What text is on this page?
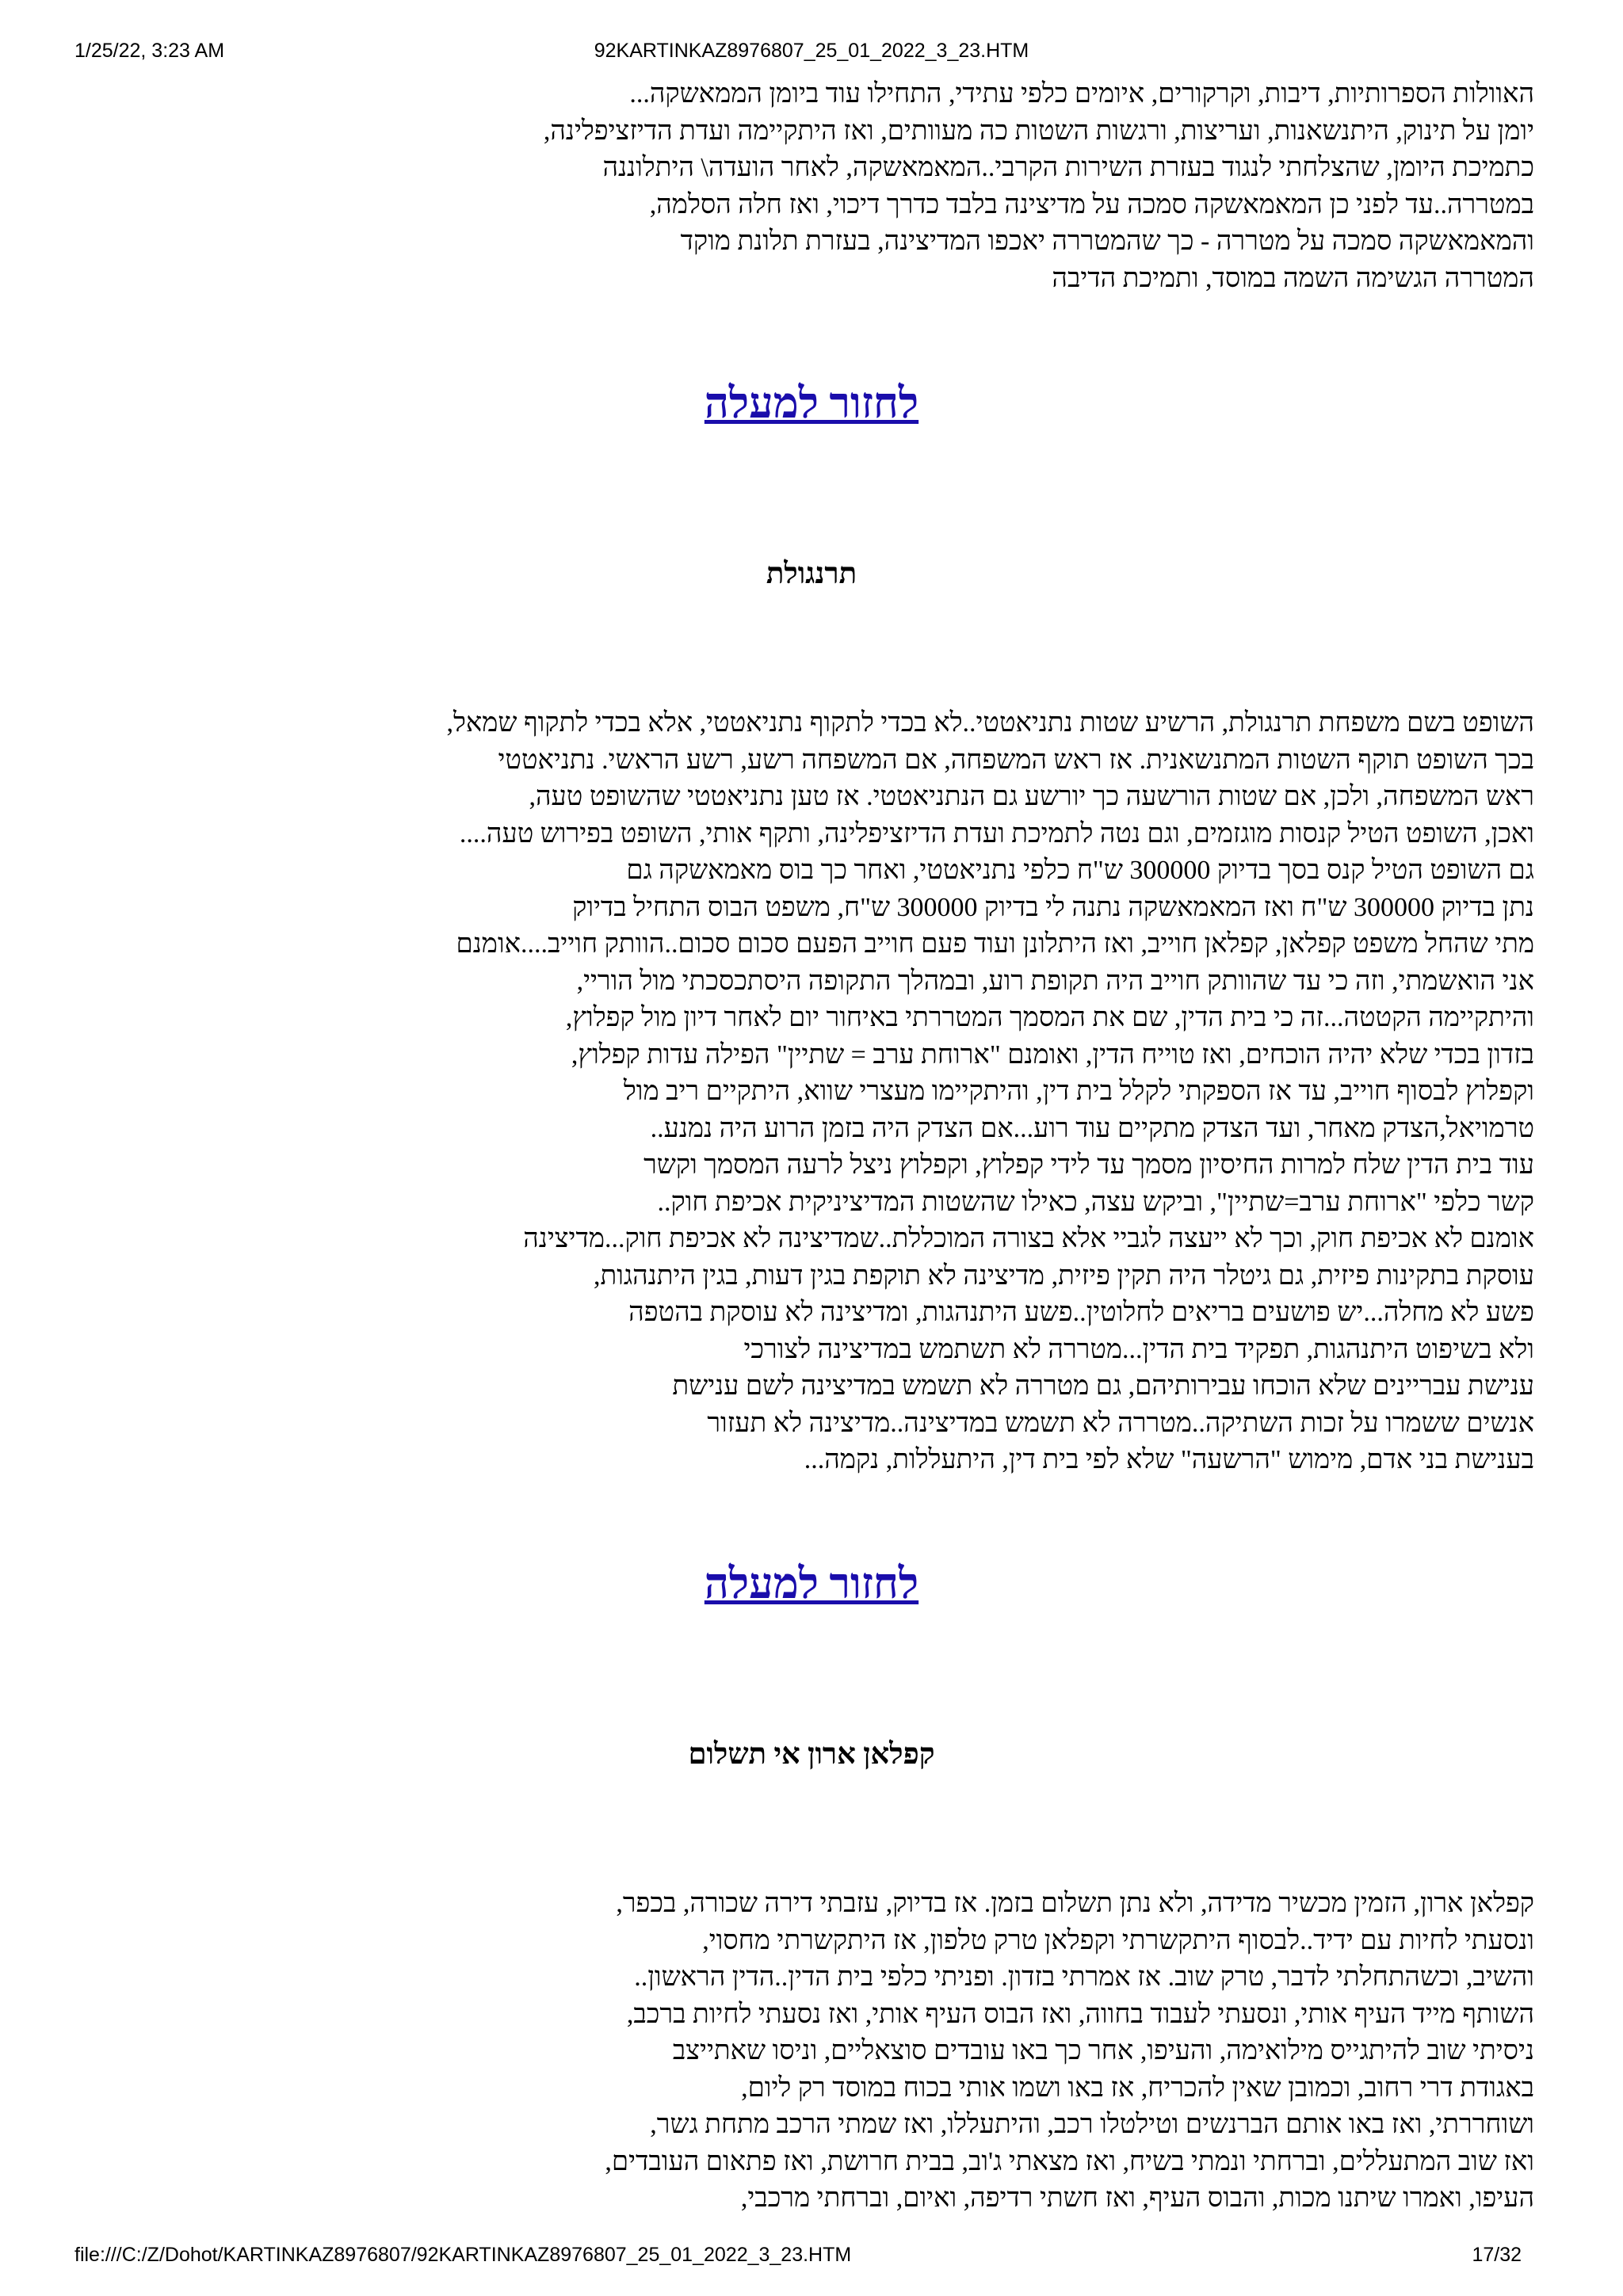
1/25/22, 3:23 AM	92KARTINKAZ8976807_25_01_2022_3_23.HTM
האוולות הספרותיות, דיבות, וקרקורים, איומים כלפי עתידי, התחילו עוד ביומן הממאשקה...
יומן על תינוק, היתנשאנות, ועריצות, ורגשות השטות כה מעוותים, ואז היתקיימה ועדת הדיזציפלינה,
כתמיכת היומן, שהצלחתי לנגוד בעזרת השירות הקרבי..המאמאשקה, לאחר הועדה\ היתלוננה
במטררה..עד לפני כן המאמאשקה סמכה על מדיצינה בלבד כדרך דיכוי, ואז חלה הסלמה,
והמאמאשקה סמכה על מטררה - כך שהמטררה יאכפו המדיצינה, בעזרת תלונת מוקד
המטררה הגשימה השמה במוסד, ותמיכת הדיבה
לחזור למעלה
תרנגולת
השופט בשם משפחת תרנגולת, הרשיע שטות נתניאטטי..לא בכדי לתקוף נתניאטטי, אלא בכדי לתקוף שמאל,
בכך השופט תוקף השטות המתנשאנית. אז ראש המשפחה, אם המשפחה רשע, רשע הראשי. נתניאטטי
ראש המשפחה, ולכן, אם שטות הורשעה כך יורשע גם הנתניאטטי. אז טען נתניאטטי שהשופט טעה,
ואכן, השופט הטיל קנסות מוגזמים, וגם נטה לתמיכת ועדת הדיזציפלינה, ותקף אותי, השופט בפירוש טעה....
גם השופט הטיל קנס בסך בדיוק 300000 ש"ח כלפי נתניאטטי, ואחר כך בוס מאמאשקה גם
נתן בדיוק 300000 ש"ח ואז המאמאשקה נתנה לי בדיוק 300000 ש"ח, משפט הבוס התחיל בדיוק
מתי שהחל משפט קפלאן, קפלאן חוייב, ואז היתלונן ועוד פעם חוייב הפעם סכום סכום..הוותק חוייב....אומנם
אני הואשמתי, וזה כי עד שהוותק חוייב היה תקופת רוע, ובמהלך התקופה היסתכסכתי מול הוריי,
והיתקיימה הקטטה...זה כי בית הדין, שם את המסמך המטררתי באיחור יום לאחר דיון מול קפלוץ,
בזדון בכדי שלא יהיה הוכחים, ואז טוייח הדין, ואומנם "ארוחת ערב = שתיין" הפילה עדות קפלוץ,
וקפלוץ לבסוף חוייב, עד אז הספקתי לקלל בית דין, והיתקיימו מעצרי שווא, היתקיים ריב מול
טרמויאל,הצדק מאחר, ועד הצדק מתקיים עוד רוע...אם הצדק היה בזמן הרוע היה נמנע..
עוד בית הדין שלח למרות החיסיון מסמך עד לידי קפלוץ, וקפלוץ ניצל לרעה המסמך וקשר
קשר כלפי "ארוחת ערב=שתיין", וביקש עצה, כאילו שהשטות המדיציניקית אכיפת חוק..
אומנם לא אכיפת חוק, וכך לא ייעצה לגביי אלא בצורה המוכללת..שמדיצינה לא אכיפת חוק...מדיצינה
עוסקת בתקינות פיזית, גם גיטלר היה תקין פיזית, מדיצינה לא תוקפת בגין דעות, בגין היתנהגות,
פשע לא מחלה...יש פושעים בריאים לחלוטין..פשע היתנהגות, ומדיצינה לא עוסקת בהטפה
ולא בשיפוט היתנהגות, תפקיד בית הדין...מטררה לא תשתמש במדיצינה לצורכי
ענישת עבריינים שלא הוכחו עבירותיהם, גם מטררה לא תשמש במדיצינה לשם ענישת
אנשים ששמרו על זכות השתיקה..מטררה לא תשמש במדיצינה..מדיצינה לא תעזור
בענישת בני אדם, מימוש "הרשעה" שלא לפי בית דין, היתעללות, נקמה...
לחזור למעלה
קפלאן ארון אי תשלום
קפלאן ארון, הזמין מכשיר מדידה, ולא נתן תשלום בזמן. אז בדיוק, עזבתי דירה שכורה, בכפר,
ונסעתי לחיות עם ידיד..לבסוף היתקשרתי וקפלאן טרק טלפון, אז היתקשרתי מחסוי,
והשיב, וכשהתחלתי לדבר, טרק שוב. אז אמרתי בזדון. ופניתי כלפי בית הדין..הדין הראשון..
השותף מייד העיף אותי, ונסעתי לעבוד בחווה, ואז הבוס העיף אותי, ואז נסעתי לחיות ברכב,
ניסיתי שוב להיתגייס מילואימה, והעיפו, אחר כך באו עובדים סוצאליים, וניסו שאתייצב
באגודת דרי רחוב, וכמובן שאין להכריח, אז באו ושמו אותי בכוח במוסד רק ליום,
ושוחררתי, ואז באו אותם הברנשים וטילטלו רכב, והיתעללו, ואז שמתי הרכב מתחת גשר,
ואז שוב המתעללים, וברחתי ונמתי בשיח, ואז מצאתי ג'וב, בבית חרושת, ואז פתאום העובדים,
העיפו, ואמרו שיתנו מכות, והבוס העיף, ואז חשתי רדיפה, ואיום, וברחתי מרכבי,
file:///C:/Z/Dohot/KARTINKAZ8976807/92KARTINKAZ8976807_25_01_2022_3_23.HTM	17/32
